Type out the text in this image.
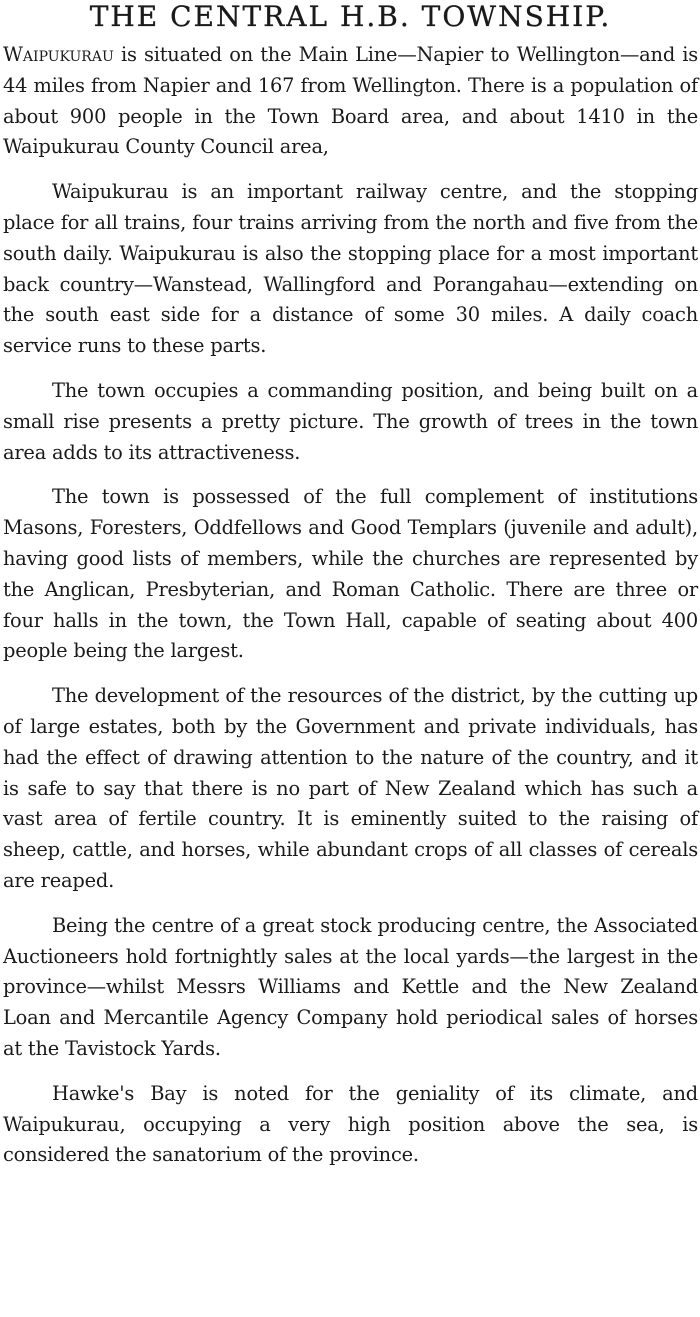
THE CENTRAL H.B. TOWNSHIP.

Waipukurau is situated on the Main Line—Napier to Wellington—and is 44 miles from Napier and 167 from Wellington. There is a population of about 900 people in the Town Board area, and about 1410 in the Waipukurau County Council area,

Waipukurau is an important railway centre, and the stopping place for all trains, four trains arriving from the north and five from the south daily. Waipukurau is also the stopping place for a most important back country—Wanstead, Wallingford and Porangahau—extending on the south east side for a distance of some 30 miles. A daily coach service runs to these parts.

The town occupies a commanding position, and being built on a small rise presents a pretty picture. The growth of trees in the town area adds to its attractiveness.

The town is possessed of the full complement of institutions Masons, Foresters, Oddfellows and Good Templars (juvenile and adult), having good lists of members, while the churches are represented by the Anglican, Presbyterian, and Roman Catholic. There are three or four halls in the town, the Town Hall, capable of seating about 400 people being the largest.

The development of the resources of the district, by the cutting up of large estates, both by the Government and private individuals, has had the effect of drawing attention to the nature of the country, and it is safe to say that there is no part of New Zealand which has such a vast area of fertile country. It is eminently suited to the raising of sheep, cattle, and horses, while abundant crops of all classes of cereals are reaped.

Being the centre of a great stock producing centre, the Associated Auctioneers hold fortnightly sales at the local yards—the largest in the province—whilst Messrs Williams and Kettle and the New Zealand Loan and Mercantile Agency Company hold periodical sales of horses at the Tavistock Yards.

Hawke's Bay is noted for the geniality of its climate, and Waipukurau, occupying a very high position above the sea, is considered the sanatorium of the province.
